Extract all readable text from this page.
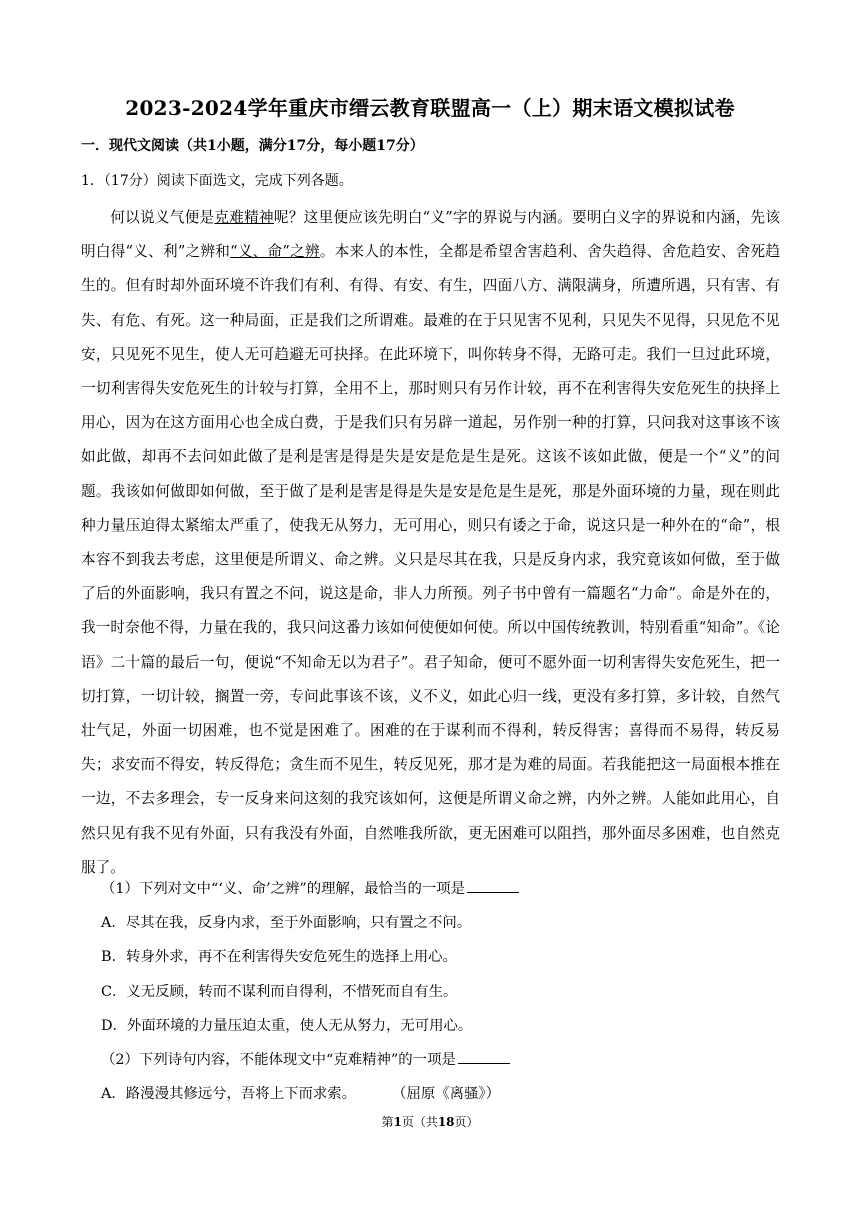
2023-2024学年重庆市缙云教育联盟高一（上）期末语文模拟试卷
一．现代文阅读（共1小题，满分17分，每小题17分）
1．（17分）阅读下面选文，完成下列各题。

何以说义气便是克难精神呢？这里便应该先明白“义”字的界说与内涵。要明白义字的界说和内涵，先该明白得“义、利”之辨和“义、命”之辨。本来人的本性，全都是希望舍害趋利、舍失趋得、舍危趋安、舍死趋生的。但有时却外面环境不许我们有利、有得、有安、有生，四面八方、满限满身，所遭所遇，只有害、有失、有危、有死。这一种局面，正是我们之所谓难。最难的在于只见害不见利，只见失不见得，只见危不见安，只见死不见生，使人无可趋避无可抉择。在此环境下，叫你转身不得，无路可走。我们一旦过此环境，一切利害得失安危死生的计较与打算，全用不上，那时则只有另作计较，再不在利害得失安危死生的抉择上用心，因为在这方面用心也全成白费，于是我们只有另辟一道起，另作别一种的打算，只问我对这事该不该如此做，却再不去问如此做了是利是害是得是失是安是危是生是死。这该不该如此做，便是一个“义”的问题。我该如何做即如何做，至于做了是利是害是得是失是安是危是生是死，那是外面环境的力量，现在则此种力量压迫得太紧缩太严重了，使我无从努力，无可用心，则只有诿之于命，说这只是一种外在的“命”，根本容不到我去考虑，这里便是所谓义、命之辨。义只是尽其在我，只是反身内求，我究竟该如何做，至于做了后的外面影响，我只有置之不问，说这是命，非人力所预。列子书中曾有一篇题名“力命”。命是外在的，我一时奈他不得，力量在我的，我只问这番力该如何使便如何使。所以中国传统教训，特别看重“知命”。《论语》二十篇的最后一句，便说“不知命无以为君子”。君子知命，便可不愿外面一切利害得失安危死生，把一切打算，一切计较，搁置一旁，专问此事该不该，义不义，如此心归一线，更没有多打算，多计较，自然气壮气足，外面一切困难，也不觉是困难了。困难的在于谋利而不得利，转反得害；喜得而不易得，转反易失；求安而不得安，转反得危；贪生而不见生，转反见死，那才是为难的局面。若我能把这一局面根本推在一边，不去多理会，专一反身来问这刻的我究该如何，这便是所谓义命之辨，内外之辨。人能如此用心，自然只见有我不见有外面，只有我没有外面，自然唯我所欲，更无困难可以阻挡，那外面尽多困难，也自然克服了。

（1）下列对文中“‘义、命’之辨”的理解，最恰当的一项是
A．尽其在我，反身内求，至于外面影响，只有置之不问。
B．转身外求，再不在利害得失安危死生的选择上用心。
C．义无反顾，转而不谋利而自得利，不惜死而自有生。
D．外面环境的力量压迫太重，使人无从努力，无可用心。
（2）下列诗句内容，不能体现文中“克难精神”的一项是
A．路漫漫其修远兮，吾将上下而求索。	（屈原《离骚》）
第1页（共18页）
